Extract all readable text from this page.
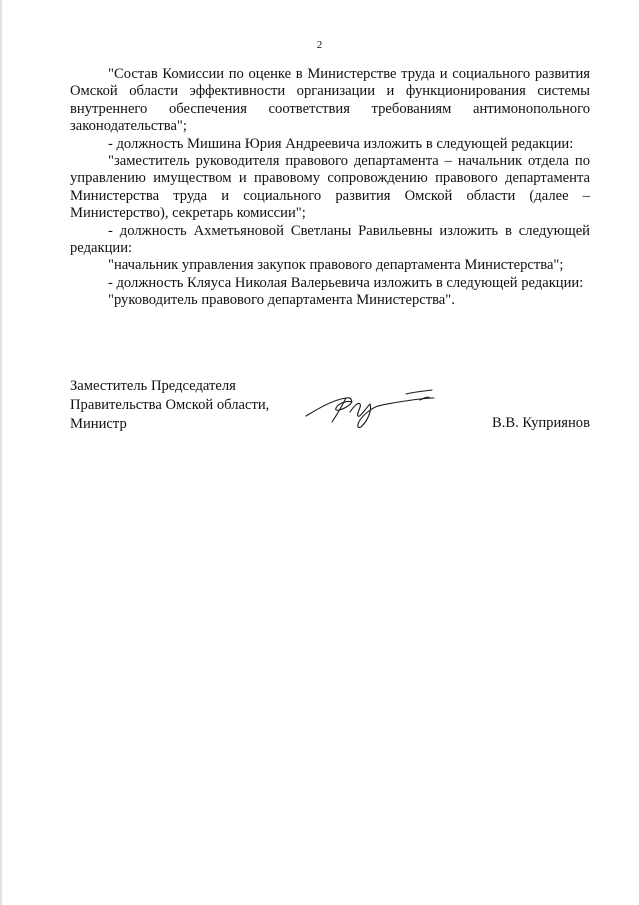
2

"Состав Комиссии по оценке в Министерстве труда и социального развития Омской области эффективности организации и функционирования системы внутреннего обеспечения соответствия требованиям антимонопольного законодательства";

- должность Мишина Юрия Андреевича изложить в следующей редакции:

"заместитель руководителя правового департамента – начальник отдела по управлению имуществом и правовому сопровождению правового департамента Министерства труда и социального развития Омской области (далее – Министерство), секретарь комиссии";

- должность Ахметьяновой Светланы Равильевны изложить в следующей редакции:

"начальник управления закупок правового департамента Министерства";

- должность Кляуса Николая Валерьевича изложить в следующей редакции:

"руководитель правового департамента Министерства".

Заместитель Председателя
Правительства Омской области,
Министр	В.В. Куприянов
